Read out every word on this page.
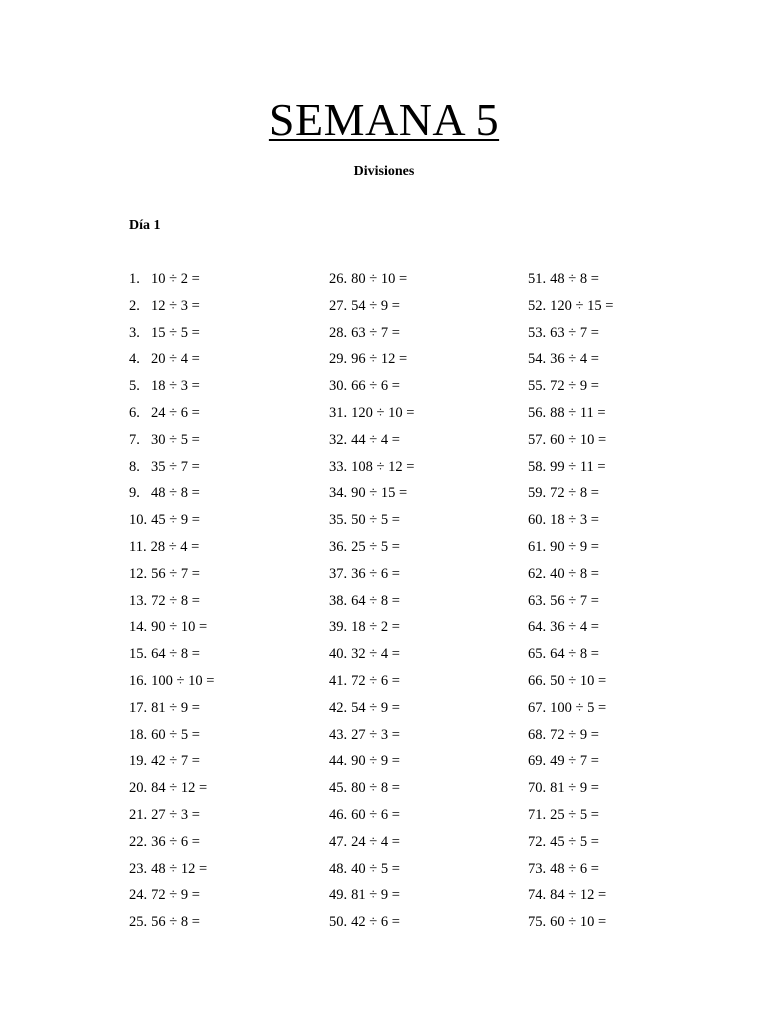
SEMANA 5
Divisiones
Día 1
1. 10 ÷ 2 =
2. 12 ÷ 3 =
3. 15 ÷ 5 =
4. 20 ÷ 4 =
5. 18 ÷ 3 =
6. 24 ÷ 6 =
7. 30 ÷ 5 =
8. 35 ÷ 7 =
9. 48 ÷ 8 =
10. 45 ÷ 9 =
11. 28 ÷ 4 =
12. 56 ÷ 7 =
13. 72 ÷ 8 =
14. 90 ÷ 10 =
15. 64 ÷ 8 =
16. 100 ÷ 10 =
17. 81 ÷ 9 =
18. 60 ÷ 5 =
19. 42 ÷ 7 =
20. 84 ÷ 12 =
21. 27 ÷ 3 =
22. 36 ÷ 6 =
23. 48 ÷ 12 =
24. 72 ÷ 9 =
25. 56 ÷ 8 =
26. 80 ÷ 10 =
27. 54 ÷ 9 =
28. 63 ÷ 7 =
29. 96 ÷ 12 =
30. 66 ÷ 6 =
31. 120 ÷ 10 =
32. 44 ÷ 4 =
33. 108 ÷ 12 =
34. 90 ÷ 15 =
35. 50 ÷ 5 =
36. 25 ÷ 5 =
37. 36 ÷ 6 =
38. 64 ÷ 8 =
39. 18 ÷ 2 =
40. 32 ÷ 4 =
41. 72 ÷ 6 =
42. 54 ÷ 9 =
43. 27 ÷ 3 =
44. 90 ÷ 9 =
45. 80 ÷ 8 =
46. 60 ÷ 6 =
47. 24 ÷ 4 =
48. 40 ÷ 5 =
49. 81 ÷ 9 =
50. 42 ÷ 6 =
51. 48 ÷ 8 =
52. 120 ÷ 15 =
53. 63 ÷ 7 =
54. 36 ÷ 4 =
55. 72 ÷ 9 =
56. 88 ÷ 11 =
57. 60 ÷ 10 =
58. 99 ÷ 11 =
59. 72 ÷ 8 =
60. 18 ÷ 3 =
61. 90 ÷ 9 =
62. 40 ÷ 8 =
63. 56 ÷ 7 =
64. 36 ÷ 4 =
65. 64 ÷ 8 =
66. 50 ÷ 10 =
67. 100 ÷ 5 =
68. 72 ÷ 9 =
69. 49 ÷ 7 =
70. 81 ÷ 9 =
71. 25 ÷ 5 =
72. 45 ÷ 5 =
73. 48 ÷ 6 =
74. 84 ÷ 12 =
75. 60 ÷ 10 =
